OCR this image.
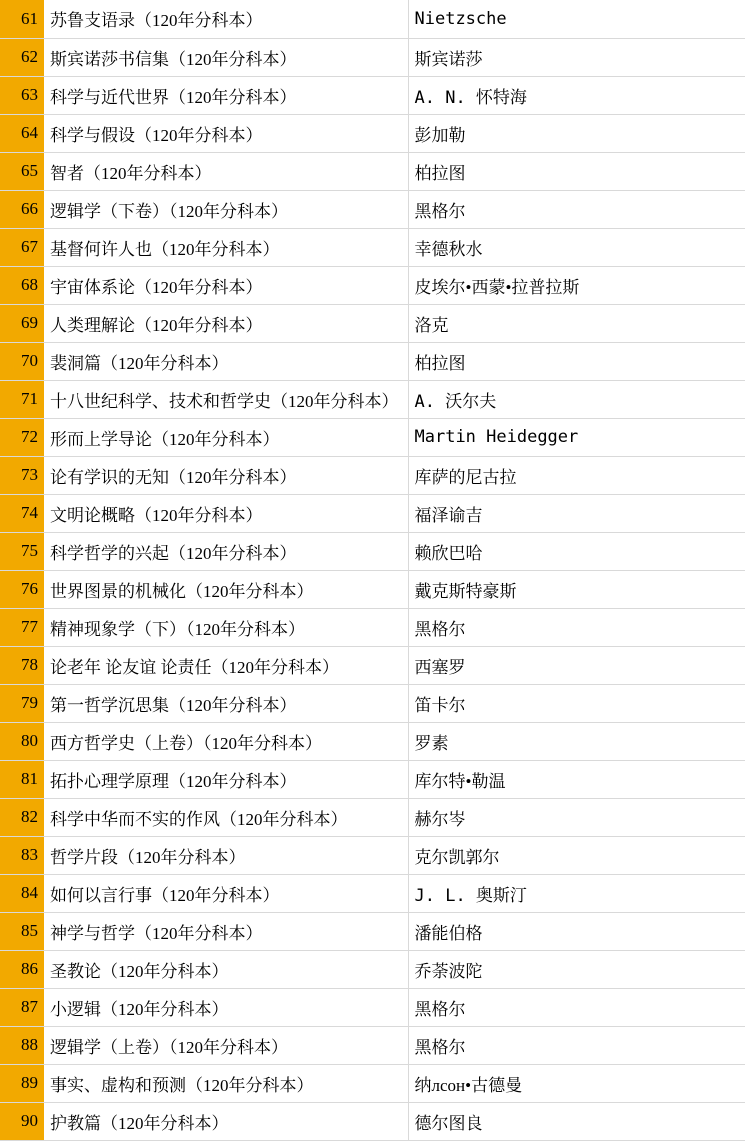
61	苏鲁支语录（120年分科本）	Nietzsche
62	斯宾诺莎书信集（120年分科本）	斯宾诺莎
63	科学与近代世界（120年分科本）	A. N. 怀特海
64	科学与假设（120年分科本）	彭加勒
65	智者（120年分科本）	柏拉图
66	逻辑学（下卷）（120年分科本）	黑格尔
67	基督何许人也（120年分科本）	幸德秋水
68	宇宙体系论（120年分科本）	皮埃尔•西蒙•拉普拉斯
69	人类理解论（120年分科本）	洛克
70	裴洞篇（120年分科本）	柏拉图
71	十八世纪科学、技术和哲学史（120年分科本）	A. 沃尔夫
72	形而上学导论（120年分科本）	Martin Heidegger
73	论有学识的无知（120年分科本）	库萨的尼古拉
74	文明论概略（120年分科本）	福泽谕吉
75	科学哲学的兴起（120年分科本）	赖欣巴哈
76	世界图景的机械化（120年分科本）	戴克斯特豪斯
77	精神现象学（下）（120年分科本）	黑格尔
78	论老年 论友谊 论责任（120年分科本）	西塞罗
79	第一哲学沉思集（120年分科本）	笛卡尔
80	西方哲学史（上卷）（120年分科本）	罗素
81	拓扑心理学原理（120年分科本）	库尔特•勒温
82	科学中华而不实的作风（120年分科本）	赫尔岑
83	哲学片段（120年分科本）	克尔凯郭尔
84	如何以言行事（120年分科本）	J. L. 奥斯汀
85	神学与哲学（120年分科本）	潘能伯格
86	圣教论（120年分科本）	乔荼波陀
87	小逻辑（120年分科本）	黑格尔
88	逻辑学（上卷）（120年分科本）	黑格尔
89	事实、虚构和预测（120年分科本）	纳лсон•古德曼
90	护教篇（120年分科本）	德尔图良
